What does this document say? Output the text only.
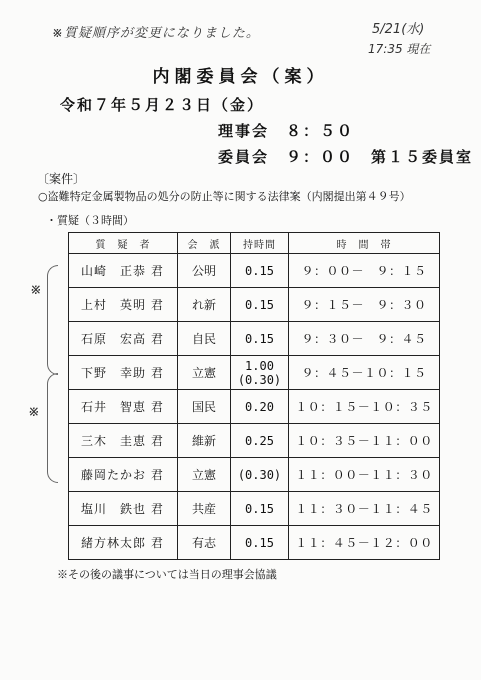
※質疑順序が変更になりました。	5/21(水)
17:35 現在
内閣委員会（案）
令和７年５月２３日（金）
理事会　８：５０
委員会　９：００　第１５委員室
〔案件〕
○盗難特定金属製物品の処分の防止等に関する法律案（内閣提出第４９号）
・質疑（３時間）
※
※
質　疑　者	会　派	持時間	時　間　帯
山崎　正恭 君	公明	0.15	９：００－　９：１５
上村　英明 君	れ新	0.15	９：１５－　９：３０
石原　宏高 君	自民	0.15	９：３０－　９：４５
下野　幸助 君	立憲	1.00
(0.30)	９：４５－１０：１５
石井　智恵 君	国民	0.20	１０：１５－１０：３５
三木　圭恵 君	維新	0.25	１０：３５－１１：００
藤岡たかお 君	立憲	(0.30)	１１：００－１１：３０
塩川　鉄也 君	共産	0.15	１１：３０－１１：４５
緒方林太郎 君	有志	0.15	１１：４５－１２：００
※その後の議事については当日の理事会協議
